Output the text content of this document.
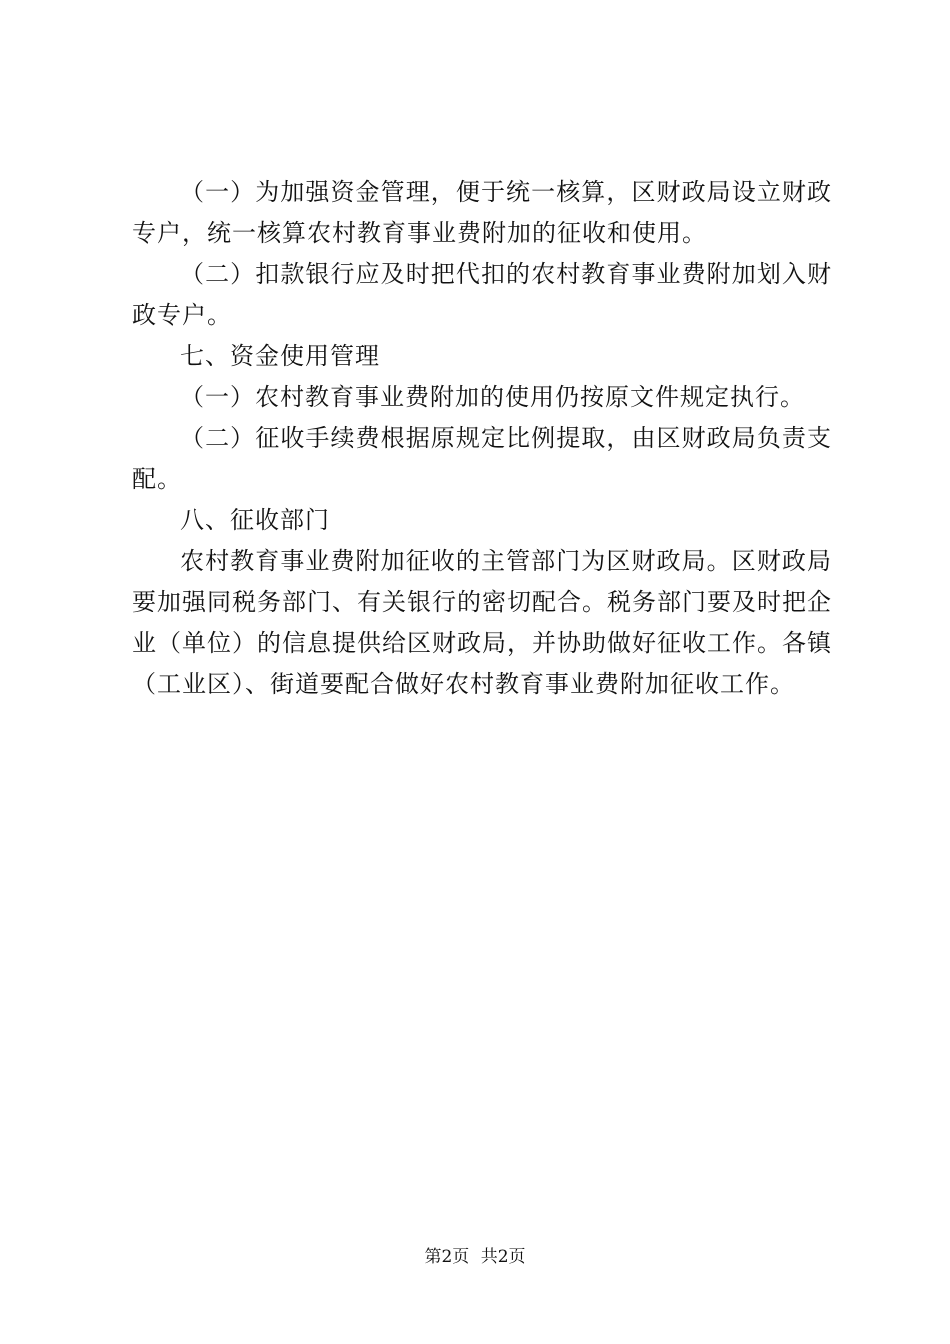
（一）为加强资金管理，便于统一核算，区财政局设立财政专户，统一核算农村教育事业费附加的征收和使用。

（二）扣款银行应及时把代扣的农村教育事业费附加划入财政专户。

七、资金使用管理

（一）农村教育事业费附加的使用仍按原文件规定执行。

（二）征收手续费根据原规定比例提取，由区财政局负责支配。

八、征收部门

农村教育事业费附加征收的主管部门为区财政局。区财政局要加强同税务部门、有关银行的密切配合。税务部门要及时把企业（单位）的信息提供给区财政局，并协助做好征收工作。各镇（工业区）、街道要配合做好农村教育事业费附加征收工作。

第2页 共2页
